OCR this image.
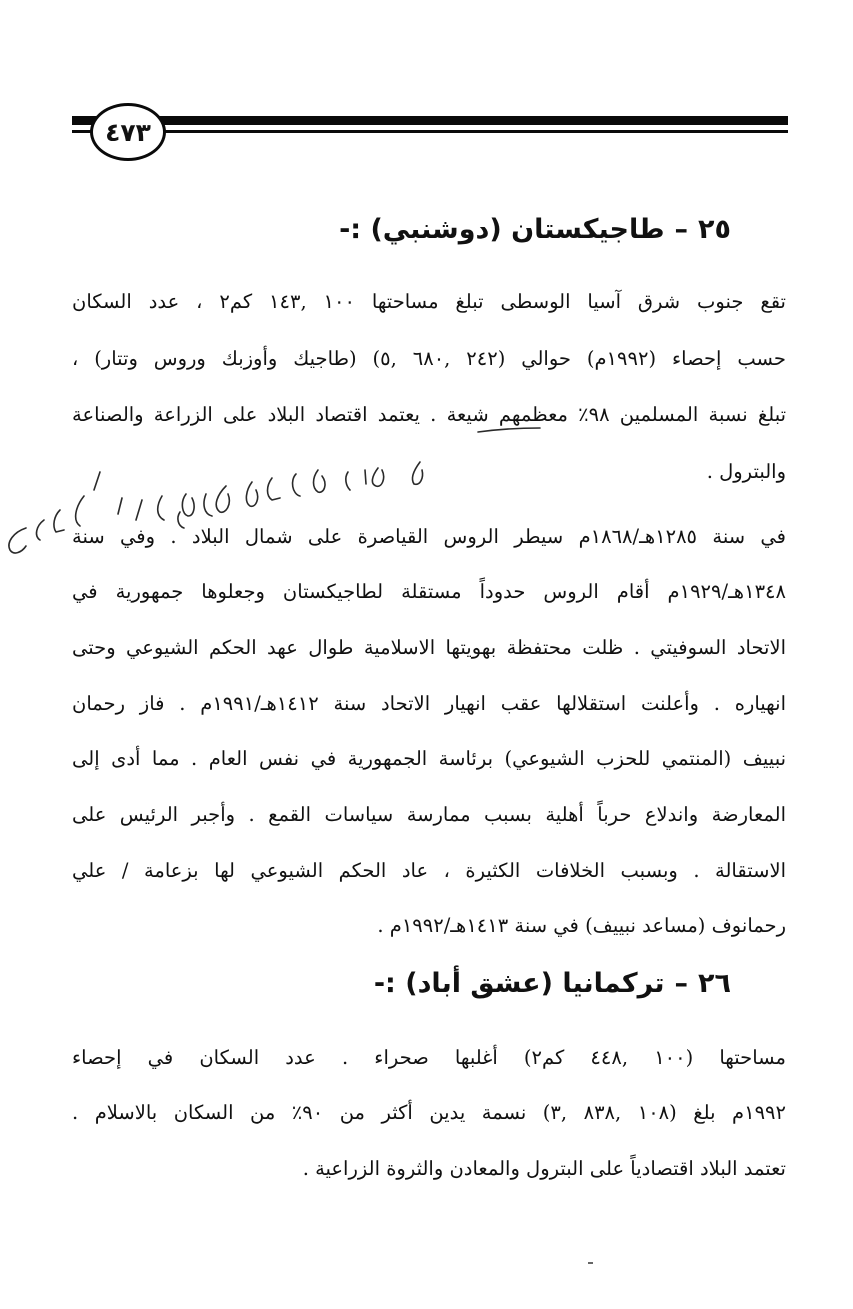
٤٧٣
٢٥–طاجيكستان (دوشنبي) :-
تقع جنوب شرق آسيا الوسطى تبلغ مساحتها ١٠٠ ,١٤٣ كم٢ ، عدد السكان
حسب إحصاء (١٩٩٢م) حوالي (٢٤٢ ,٦٨٠ ,٥) (طاجيك وأوزبك وروس وتتار) ،
تبلغ نسبة المسلمين ٩٨٪ معظمهم شيعة . يعتمد اقتصاد البلاد على الزراعة والصناعة
والبترول .
في سنة ١٢٨٥هـ/١٨٦٨م سيطر الروس القياصرة على شمال البلاد . وفي سنة
١٣٤٨هـ/١٩٢٩م أقام الروس حدوداً مستقلة لطاجيكستان وجعلوها جمهورية في
الاتحاد السوفيتي . ظلت محتفظة بهويتها الاسلامية طوال عهد الحكم الشيوعي وحتى
انهياره . وأعلنت استقلالها عقب انهيار الاتحاد سنة ١٤١٢هـ/١٩٩١م . فاز رحمان
نبييف (المنتمي للحزب الشيوعي) برئاسة الجمهورية في نفس العام . مما أدى إلى
المعارضة واندلاع حرباً أهلية بسبب ممارسة سياسات القمع . وأجبر الرئيس على
الاستقالة . وبسبب الخلافات الكثيرة ، عاد الحكم الشيوعي لها بزعامة / علي
رحمانوف (مساعد نبييف) في سنة ١٤١٣هـ/١٩٩٢م .
٢٦–تركمانيا (عشق أباد) :-
مساحتها (١٠٠ ,٤٤٨ كم٢) أغلبها صحراء . عدد السكان في إحصاء
١٩٩٢م بلغ (١٠٨ ,٨٣٨ ,٣) نسمة يدين أكثر من ٩٠٪ من السكان بالاسلام .
تعتمد البلاد اقتصادياً على البترول والمعادن والثروة الزراعية .
